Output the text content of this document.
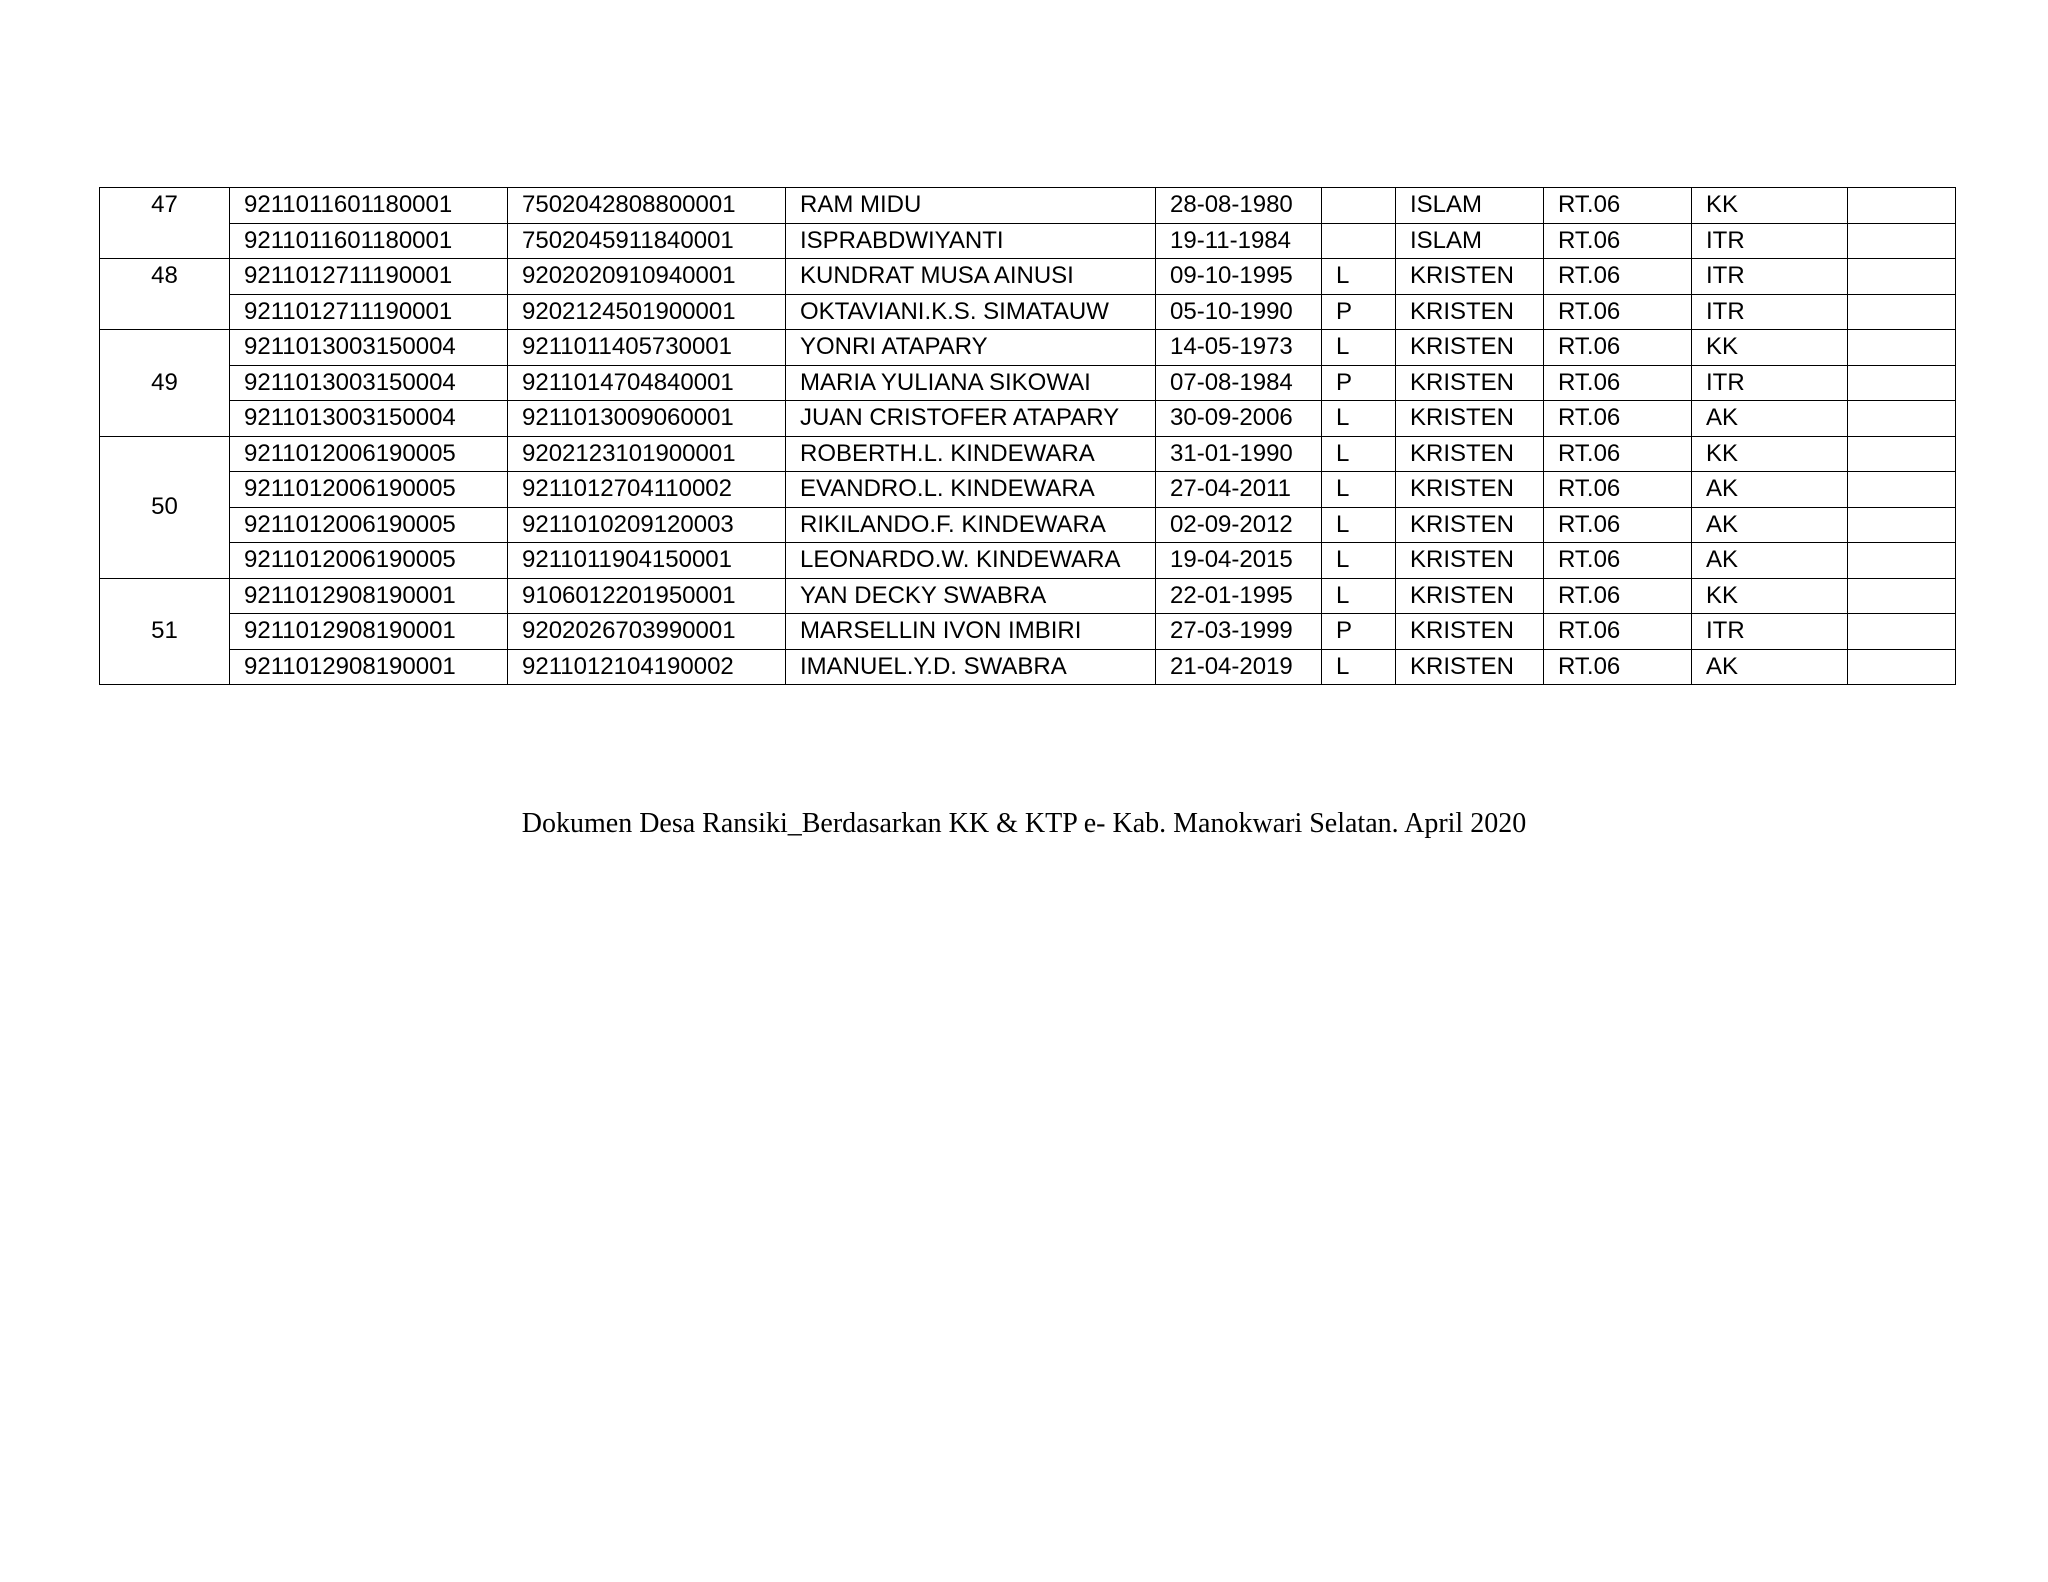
47	9211011601180001	7502042808800001	RAM MIDU	28-08-1980		ISLAM	RT.06	KK	
	9211011601180001	7502045911840001	ISPRABDWIYANTI	19-11-1984		ISLAM	RT.06	ITR	
48	9211012711190001	9202020910940001	KUNDRAT MUSA AINUSI	09-10-1995	L	KRISTEN	RT.06	ITR	
	9211012711190001	9202124501900001	OKTAVIANI.K.S. SIMATAUW	05-10-1990	P	KRISTEN	RT.06	ITR	
49	9211013003150004	9211011405730001	YONRI ATAPARY	14-05-1973	L	KRISTEN	RT.06	KK	
	9211013003150004	9211014704840001	MARIA YULIANA SIKOWAI	07-08-1984	P	KRISTEN	RT.06	ITR	
	9211013003150004	9211013009060001	JUAN CRISTOFER ATAPARY	30-09-2006	L	KRISTEN	RT.06	AK	
50	9211012006190005	9202123101900001	ROBERTH.L. KINDEWARA	31-01-1990	L	KRISTEN	RT.06	KK	
	9211012006190005	9211012704110002	EVANDRO.L. KINDEWARA	27-04-2011	L	KRISTEN	RT.06	AK	
	9211012006190005	9211010209120003	RIKILANDO.F. KINDEWARA	02-09-2012	L	KRISTEN	RT.06	AK	
	9211012006190005	9211011904150001	LEONARDO.W. KINDEWARA	19-04-2015	L	KRISTEN	RT.06	AK	
51	9211012908190001	9106012201950001	YAN DECKY SWABRA	22-01-1995	L	KRISTEN	RT.06	KK	
	9211012908190001	9202026703990001	MARSELLIN IVON IMBIRI	27-03-1999	P	KRISTEN	RT.06	ITR	
	9211012908190001	9211012104190002	IMANUEL.Y.D. SWABRA	21-04-2019	L	KRISTEN	RT.06	AK	
Dokumen Desa Ransiki_Berdasarkan KK & KTP e- Kab. Manokwari Selatan. April 2020
